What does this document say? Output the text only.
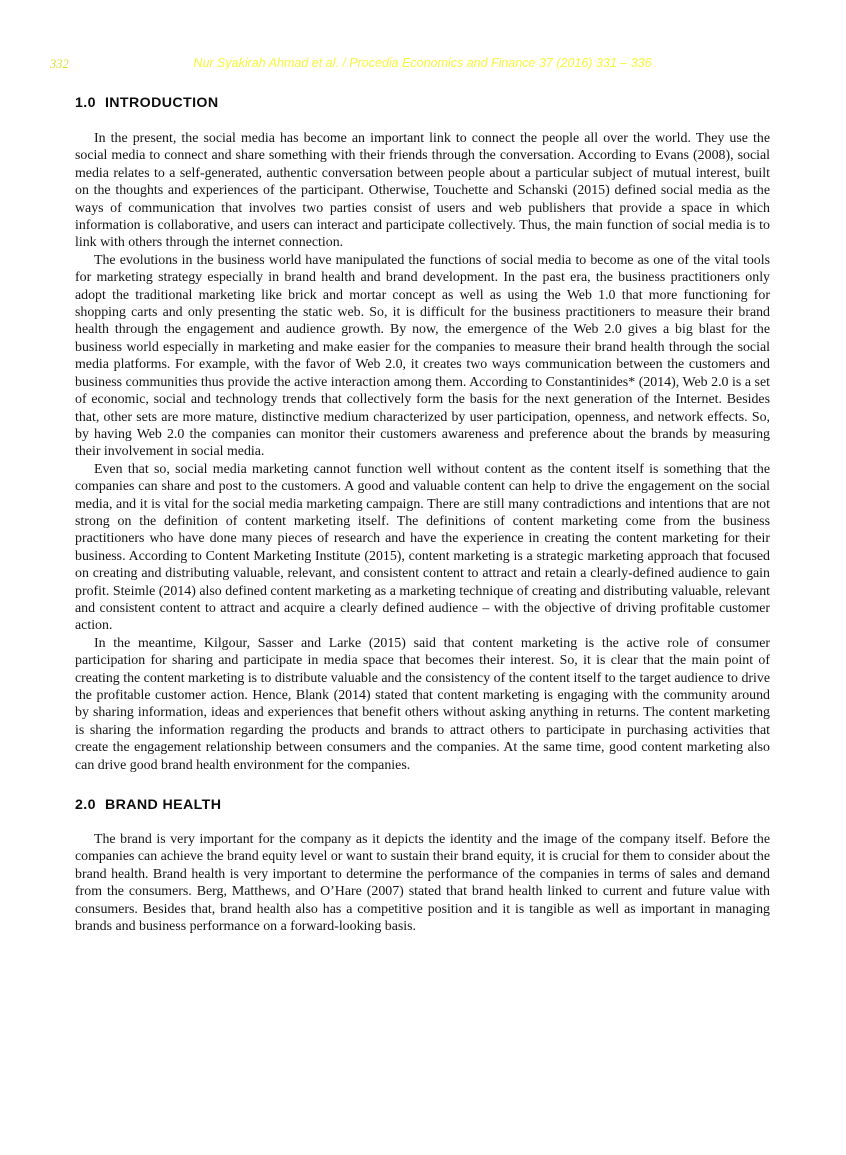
332	Nur Syakirah Ahmad et al. / Procedia Economics and Finance 37 (2016) 331 – 336
1.0 INTRODUCTION

In the present, the social media has become an important link to connect the people all over the world. They use the social media to connect and share something with their friends through the conversation. According to Evans (2008), social media relates to a self-generated, authentic conversation between people about a particular subject of mutual interest, built on the thoughts and experiences of the participant. Otherwise, Touchette and Schanski (2015) defined social media as the ways of communication that involves two parties consist of users and web publishers that provide a space in which information is collaborative, and users can interact and participate collectively. Thus, the main function of social media is to link with others through the internet connection.

The evolutions in the business world have manipulated the functions of social media to become as one of the vital tools for marketing strategy especially in brand health and brand development. In the past era, the business practitioners only adopt the traditional marketing like brick and mortar concept as well as using the Web 1.0 that more functioning for shopping carts and only presenting the static web. So, it is difficult for the business practitioners to measure their brand health through the engagement and audience growth. By now, the emergence of the Web 2.0 gives a big blast for the business world especially in marketing and make easier for the companies to measure their brand health through the social media platforms. For example, with the favor of Web 2.0, it creates two ways communication between the customers and business communities thus provide the active interaction among them. According to Constantinides* (2014), Web 2.0 is a set of economic, social and technology trends that collectively form the basis for the next generation of the Internet. Besides that, other sets are more mature, distinctive medium characterized by user participation, openness, and network effects. So, by having Web 2.0 the companies can monitor their customers awareness and preference about the brands by measuring their involvement in social media.

Even that so, social media marketing cannot function well without content as the content itself is something that the companies can share and post to the customers. A good and valuable content can help to drive the engagement on the social media, and it is vital for the social media marketing campaign. There are still many contradictions and intentions that are not strong on the definition of content marketing itself. The definitions of content marketing come from the business practitioners who have done many pieces of research and have the experience in creating the content marketing for their business. According to Content Marketing Institute (2015), content marketing is a strategic marketing approach that focused on creating and distributing valuable, relevant, and consistent content to attract and retain a clearly-defined audience to gain profit. Steimle (2014) also defined content marketing as a marketing technique of creating and distributing valuable, relevant and consistent content to attract and acquire a clearly defined audience – with the objective of driving profitable customer action.

In the meantime, Kilgour, Sasser and Larke (2015) said that content marketing is the active role of consumer participation for sharing and participate in media space that becomes their interest. So, it is clear that the main point of creating the content marketing is to distribute valuable and the consistency of the content itself to the target audience to drive the profitable customer action. Hence, Blank (2014) stated that content marketing is engaging with the community around by sharing information, ideas and experiences that benefit others without asking anything in returns. The content marketing is sharing the information regarding the products and brands to attract others to participate in purchasing activities that create the engagement relationship between consumers and the companies. At the same time, good content marketing also can drive good brand health environment for the companies.

2.0 BRAND HEALTH

The brand is very important for the company as it depicts the identity and the image of the company itself. Before the companies can achieve the brand equity level or want to sustain their brand equity, it is crucial for them to consider about the brand health. Brand health is very important to determine the performance of the companies in terms of sales and demand from the consumers. Berg, Matthews, and O’Hare (2007) stated that brand health linked to current and future value with consumers. Besides that, brand health also has a competitive position and it is tangible as well as important in managing brands and business performance on a forward-looking basis.
